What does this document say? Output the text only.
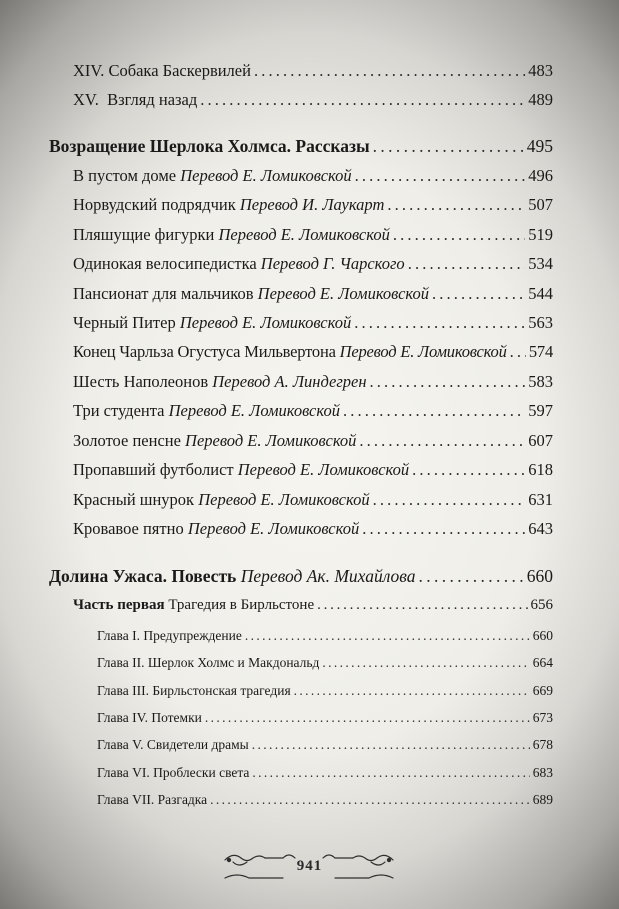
XIV. Собака Баскервилей . . .	483
XV.  Взгляд назад . . .	489
Возращение Шерлока Холмса. Рассказы . . .	495
В пустом доме Перевод Е. Ломиковской . . .	496
Норвудский подрядчик Перевод И. Лаукарт . . .	507
Пляшущие фигурки Перевод Е. Ломиковской . . .	519
Одинокая велосипедистка Перевод Г. Чарского . . .	534
Пансионат для мальчиков Перевод Е. Ломиковской . . .	544
Черный Питер Перевод Е. Ломиковской . . .	563
Конец Чарльза Огустуса Мильвертона Перевод Е. Ломиковской . . . 574
Шесть Наполеонов Перевод А. Линдегрен . . .	583
Три студента Перевод Е. Ломиковской . . .	597
Золотое пенсне Перевод Е. Ломиковской . . .	607
Пропавший футболист Перевод Е. Ломиковской . . .	618
Красный шнурок Перевод Е. Ломиковской . . .	631
Кровавое пятно Перевод Е. Ломиковской . . .	643
Долина Ужаса. Повесть Перевод Ак. Михайлова . . .	660
Часть первая Трагедия в Бирльстоне . . .	656
Глава I. Предупреждение . . .	660
Глава II. Шерлок Холмс и Макдональд . . .	664
Глава III. Бирльстонская трагедия . . .	669
Глава IV. Потемки . . .	673
Глава V. Свидетели драмы . . .	678
Глава VI. Проблески света . . .	683
Глава VII. Разгадка . . .	689
941
